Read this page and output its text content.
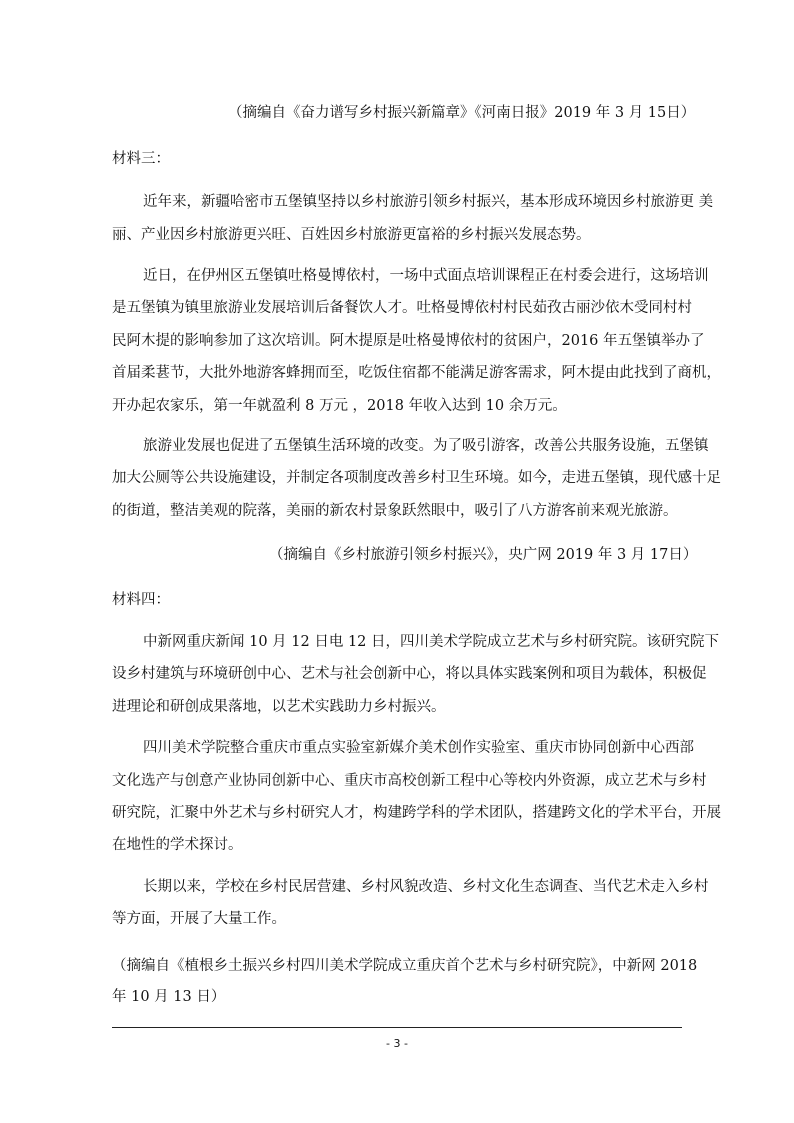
（摘编自《奋力谱写乡村振兴新篇章》《河南日报》2019 年 3 月 15日）
材料三：
近年来，新疆哈密市五堡镇坚持以乡村旅游引领乡村振兴，基本形成环境因乡村旅游更 美
丽、产业因乡村旅游更兴旺、百姓因乡村旅游更富裕的乡村振兴发展态势。
近日，在伊州区五堡镇吐格曼博依村，一场中式面点培训课程正在村委会进行，这场培训
是五堡镇为镇里旅游业发展培训后备餐饮人才。吐格曼博依村村民茹孜古丽沙依木受同村村
民阿木提的影响参加了这次培训。阿木提原是吐格曼博依村的贫困户，2016 年五堡镇举办了
首届柔葚节，大批外地游客蜂拥而至，吃饭住宿都不能满足游客需求，阿木提由此找到了商机，
开办起农家乐，第一年就盈利 8 万元 ，2018 年收入达到 10 余万元。
旅游业发展也促进了五堡镇生活环境的改变。为了吸引游客，改善公共服务设施，五堡镇
加大公厕等公共设施建设，并制定各项制度改善乡村卫生环境。如今，走进五堡镇，现代感十足
的街道，整洁美观的院落，美丽的新农村景象跃然眼中，吸引了八方游客前来观光旅游。
（摘编自《乡村旅游引领乡村振兴》，央广网 2019 年 3 月 17日）
材料四：
中新网重庆新闻 10 月 12 日电 12 日，四川美术学院成立艺术与乡村研究院。该研究院下
设乡村建筑与环境研创中心、艺术与社会创新中心，将以具体实践案例和项目为载体，积极促
进理论和研创成果落地，以艺术实践助力乡村振兴。
四川美术学院整合重庆市重点实验室新媒介美术创作实验室、重庆市协同创新中心西部
文化选产与创意产业协同创新中心、重庆市高校创新工程中心等校内外资源，成立艺术与乡村
研究院，汇聚中外艺术与乡村研究人才，构建跨学科的学术团队，搭建跨文化的学术平台，开展
在地性的学术探讨。
长期以来，学校在乡村民居营建、乡村风貌改造、乡村文化生态调查、当代艺术走入乡村
等方面，开展了大量工作。
（摘编自《植根乡土振兴乡村四川美术学院成立重庆首个艺术与乡村研究院》，中新网 2018
年 10 月 13 日）
- 3 -
